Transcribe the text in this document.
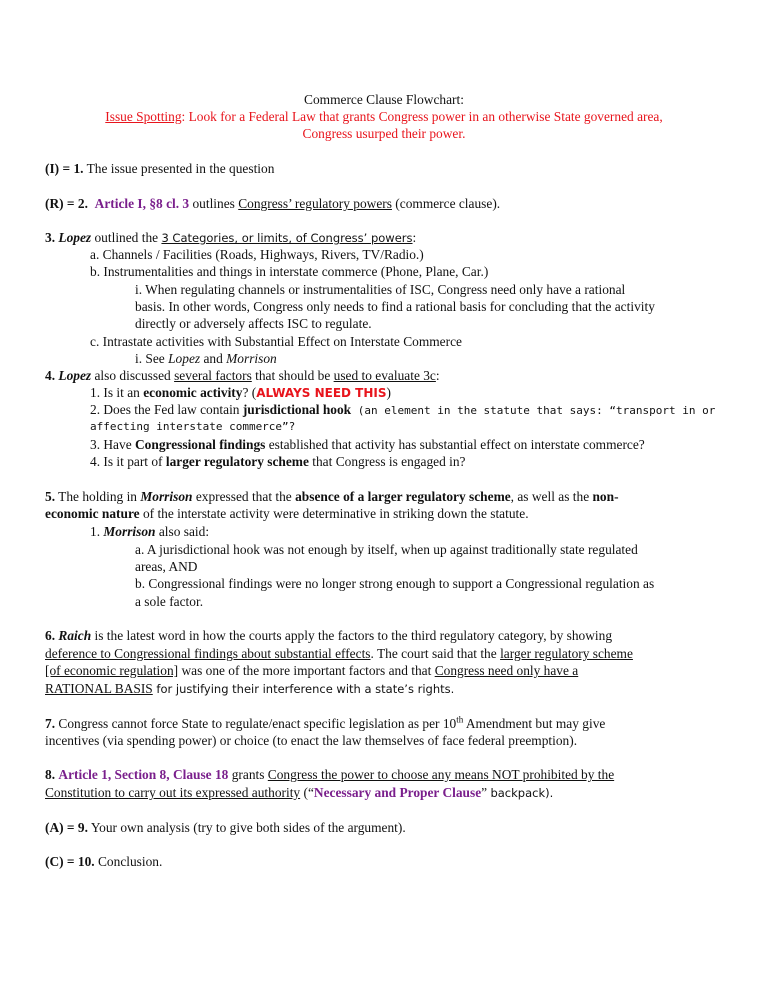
Commerce Clause Flowchart:
Issue Spotting: Look for a Federal Law that grants Congress power in an otherwise State governed area,
Congress usurped their power.
(I) = 1. The issue presented in the question
(R) = 2. Article I, §8 cl. 3 outlines Congress’ regulatory powers (commerce clause).
3. Lopez outlined the 3 Categories, or limits, of Congress’ powers:
a. Channels / Facilities (Roads, Highways, Rivers, TV/Radio.)
b. Instrumentalities and things in interstate commerce (Phone, Plane, Car.)
i. When regulating channels or instrumentalities of ISC, Congress need only have a rational
basis. In other words, Congress only needs to find a rational basis for concluding that the activity
directly or adversely affects ISC to regulate.
c. Intrastate activities with Substantial Effect on Interstate Commerce
i. See Lopez and Morrison
4. Lopez also discussed several factors that should be used to evaluate 3c:
1. Is it an economic activity? (ALWAYS NEED THIS)
2. Does the Fed law contain jurisdictional hook (an element in the statute that says: “transport in or
affecting interstate commerce”?
3. Have Congressional findings established that activity has substantial effect on interstate commerce?
4. Is it part of larger regulatory scheme that Congress is engaged in?
5. The holding in Morrison expressed that the absence of a larger regulatory scheme, as well as the non-
economic nature of the interstate activity were determinative in striking down the statute.
1. Morrison also said:
a. A jurisdictional hook was not enough by itself, when up against traditionally state regulated
areas, AND
b. Congressional findings were no longer strong enough to support a Congressional regulation as
a sole factor.
6. Raich is the latest word in how the courts apply the factors to the third regulatory category, by showing
deference to Congressional findings about substantial effects. The court said that the larger regulatory scheme
[of economic regulation] was one of the more important factors and that Congress need only have a
RATIONAL BASIS for justifying their interference with a state’s rights.
7. Congress cannot force State to regulate/enact specific legislation as per 10th Amendment but may give
incentives (via spending power) or choice (to enact the law themselves of face federal preemption).
8. Article 1, Section 8, Clause 18 grants Congress the power to choose any means NOT prohibited by the
Constitution to carry out its expressed authority (“Necessary and Proper Clause” backpack).
(A) = 9. Your own analysis (try to give both sides of the argument).
(C) = 10. Conclusion.
